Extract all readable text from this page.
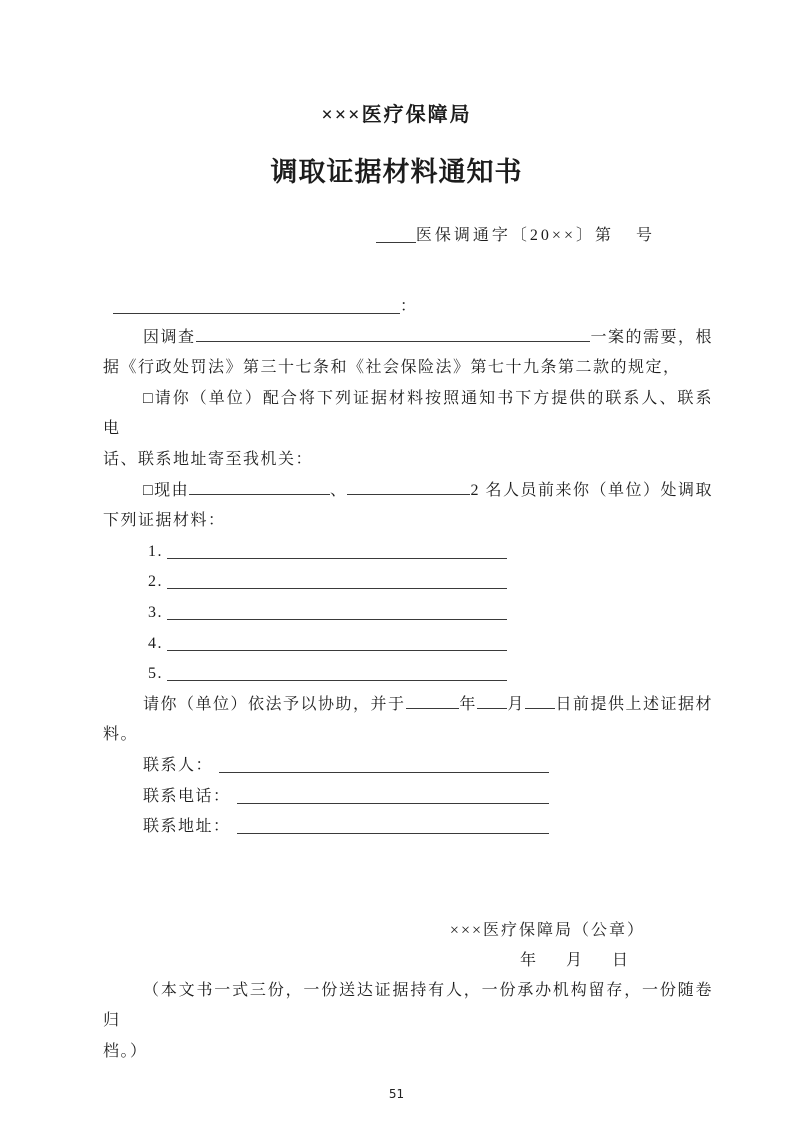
×××医疗保障局
调取证据材料通知书
医保调通字〔20××〕第 号
：
因调查	一案的需要，根
据《行政处罚法》第三十七条和《社会保险法》第七十九条第二款的规定，
□请你（单位）配合将下列证据材料按照通知书下方提供的联系人、联系电
话、联系地址寄至我机关：
□ 现由	、	2 名人员前来你（单位）处调取
下列证据材料：
1.
2.
3.
4.
5.
请你（单位）依法予以协助，并于	年 月 日前提供上述证据材
料。
联系人：
联系电话：
联系地址：
×××医疗保障局（公章）
年 月 日
（本文书一式三份，一份送达证据持有人，一份承办机构留存，一份随卷归
档。）
51
